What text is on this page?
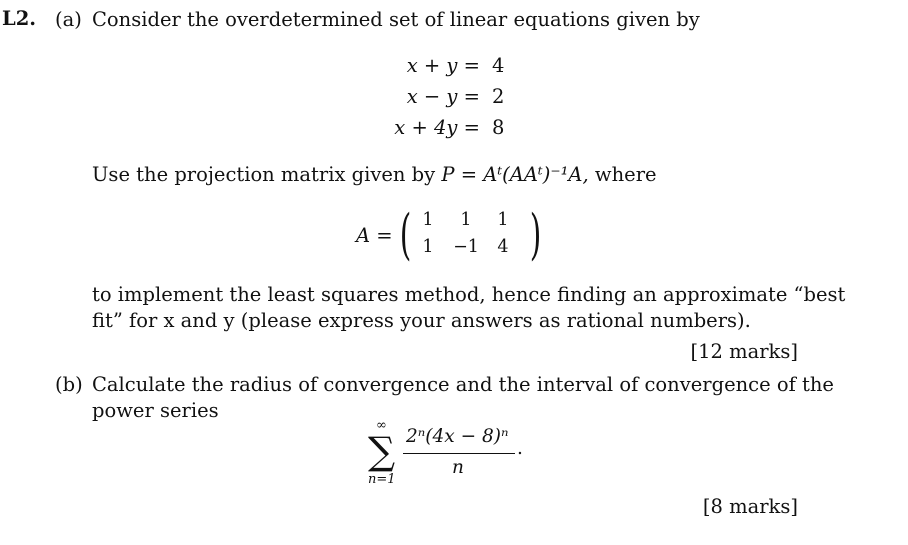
L2. (a) Consider the overdetermined set of linear equations given by
x + y = 4
x − y = 2
x + 4y = 8
Use the projection matrix given by P = Aᵗ(AAᵗ)⁻¹A, where
A = ( )
1	1	1
1	−1	4
to implement the least squares method, hence finding an approximate “best
fit” for x and y (please express your answers as rational numbers).
[12 marks]
(b) Calculate the radius of convergence and the interval of convergence of the
power series
∞
∑
n=1
2ⁿ(4x − 8)ⁿ
n
.
[8 marks]
